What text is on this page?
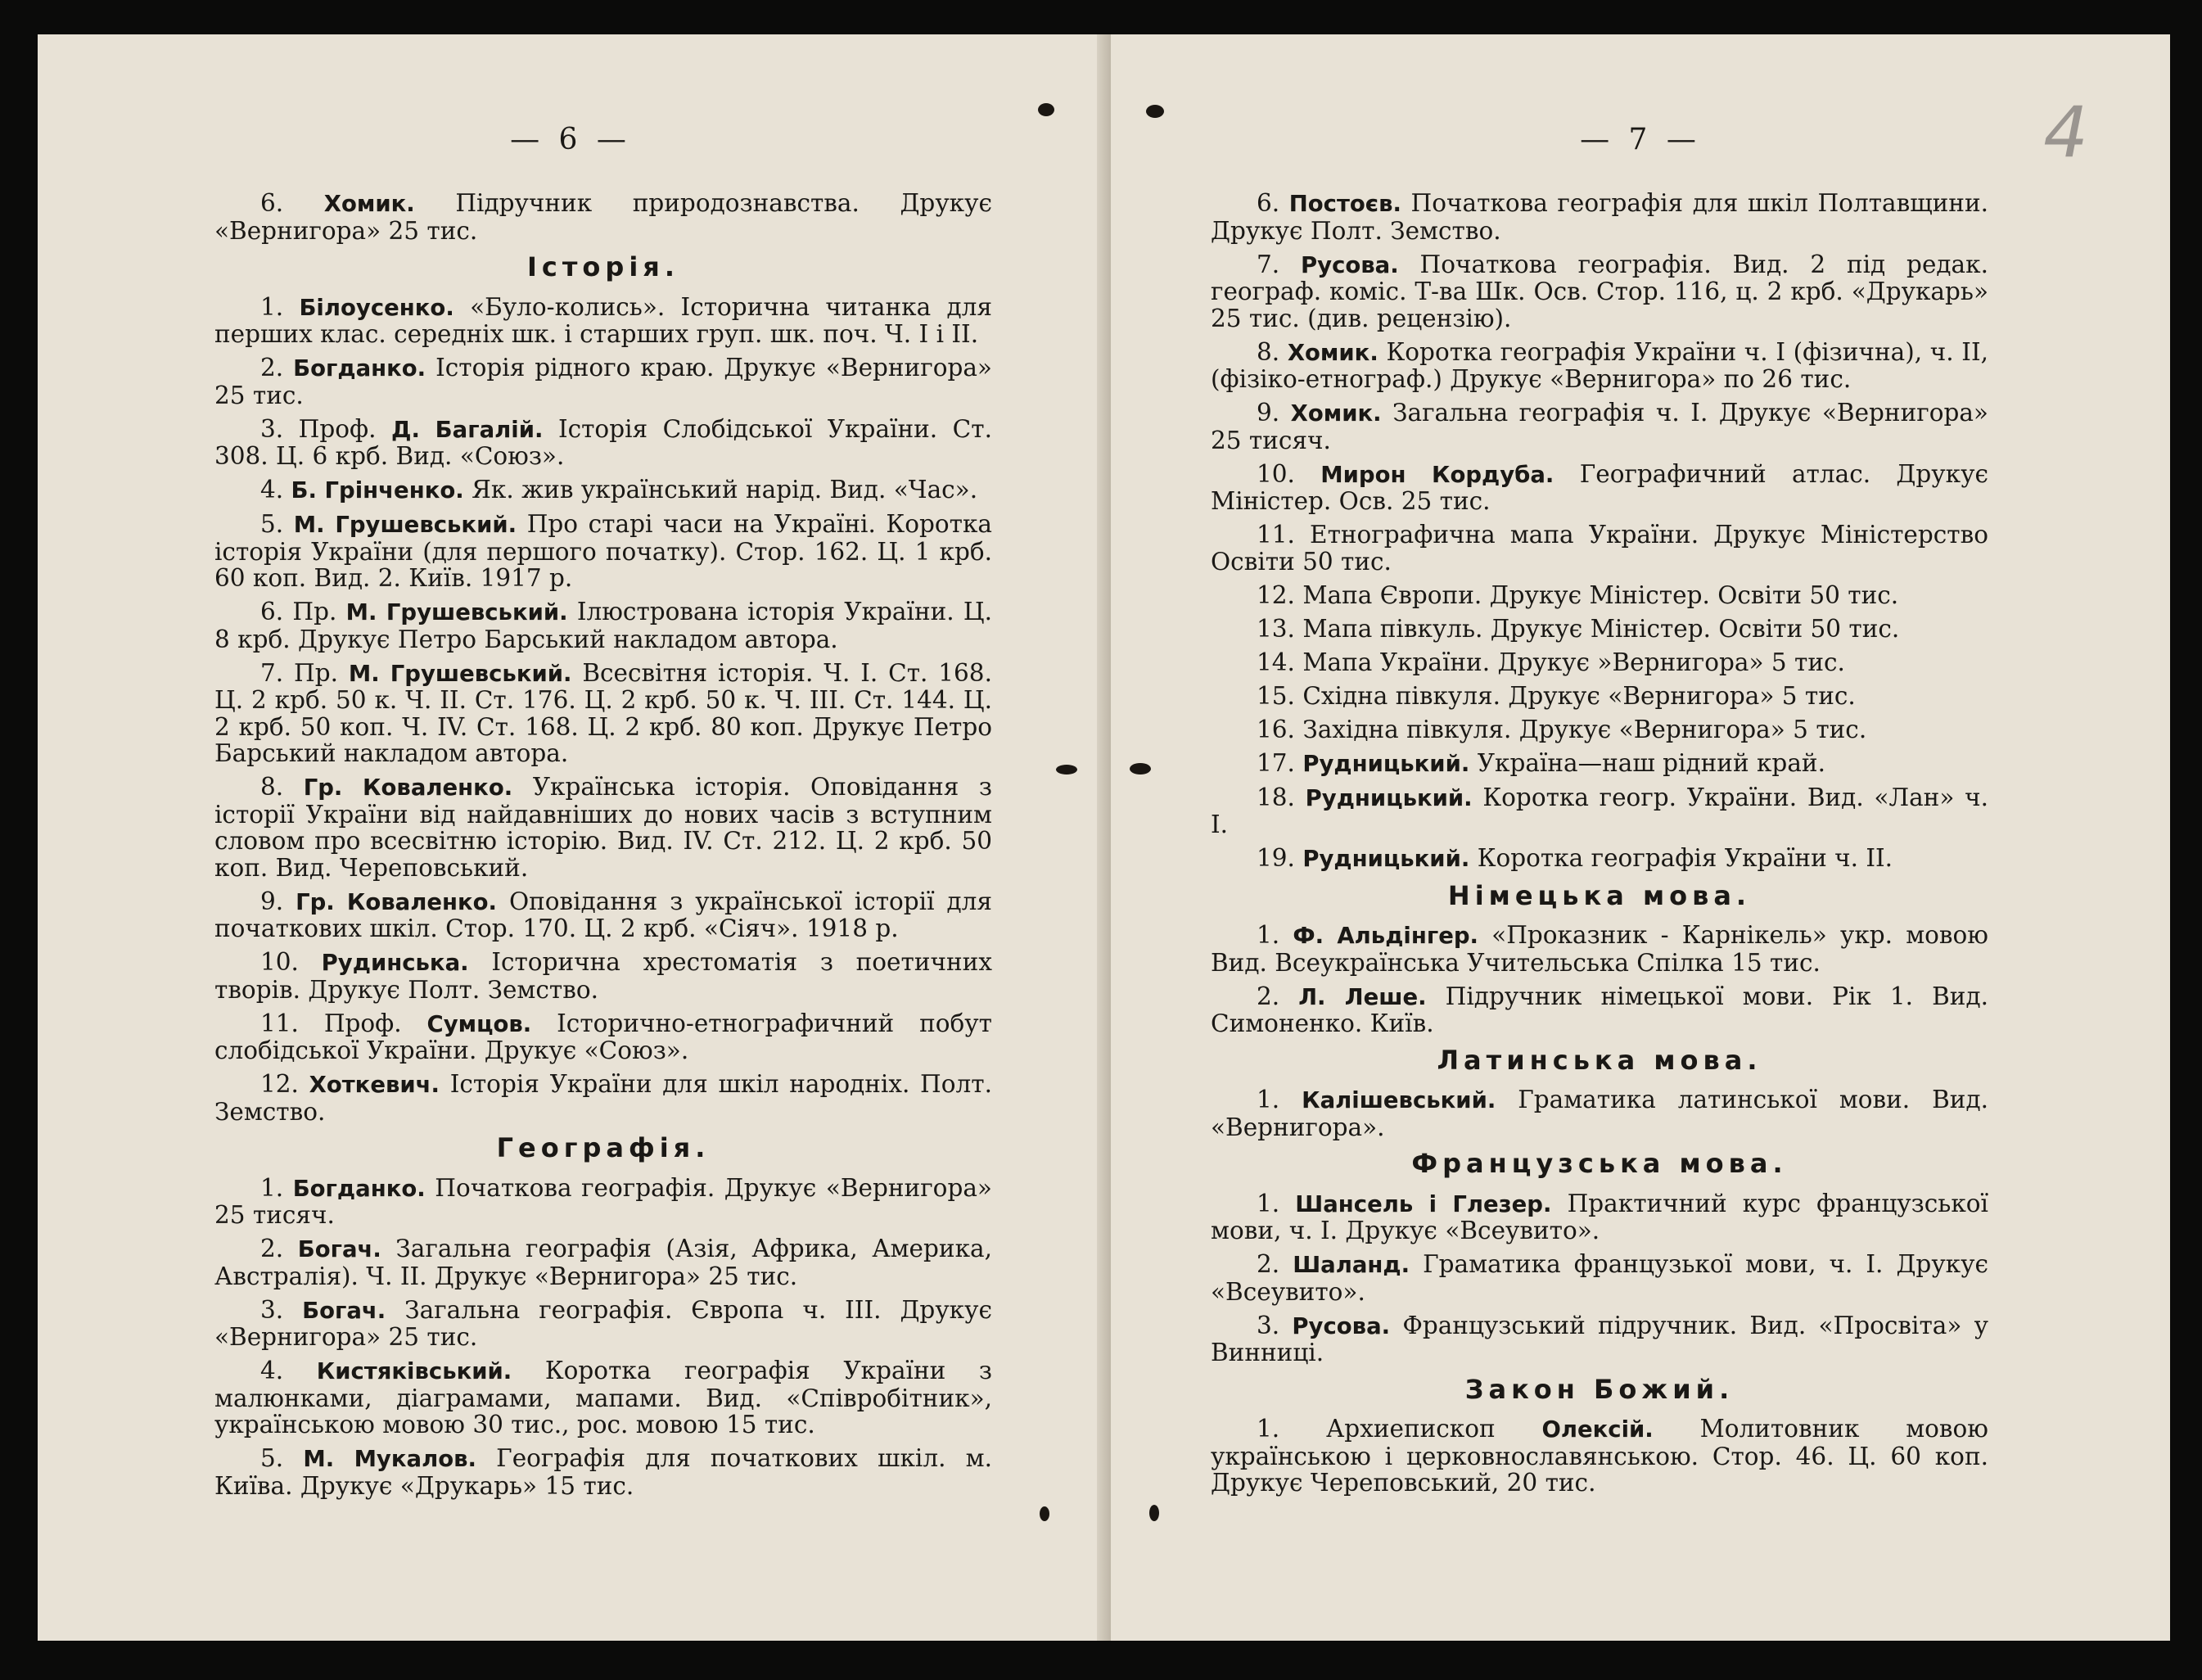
— 6 —
6. Хомик. Підручник природознавства. Друкує «Вернигора» 25 тис.
Історія.
1. Білоусенко. «Було-колись». Історична читанка для перших клас. середніх шк. і старших груп. шк. поч. Ч. I і II.
2. Богданко. Історія рідного краю. Друкує «Вернигора» 25 тис.
3. Проф. Д. Багалій. Історія Слобідської України. Ст. 308. Ц. 6 крб. Вид. «Союз».
4. Б. Грінченко. Як. жив український нарід. Вид. «Час».
5. М. Грушевський. Про старі часи на Україні. Коротка історія України (для першого початку). Стор. 162. Ц. 1 крб. 60 коп. Вид. 2. Київ. 1917 р.
6. Пр. М. Грушевський. Ілюстрована історія України. Ц. 8 крб. Друкує Петро Барський накладом автора.
7. Пр. М. Грушевський. Всесвітня історія. Ч. I. Ст. 168. Ц. 2 крб. 50 к. Ч. II. Ст. 176. Ц. 2 крб. 50 к. Ч. III. Ст. 144. Ц. 2 крб. 50 коп. Ч. IV. Ст. 168. Ц. 2 крб. 80 коп. Друкує Петро Барський накладом автора.
8. Гр. Коваленко. Українська історія. Оповідання з історії України від найдавніших до нових часів з вступним словом про всесвітню історію. Вид. IV. Ст. 212. Ц. 2 крб. 50 коп. Вид. Череповський.
9. Гр. Коваленко. Оповідання з української історії для початкових шкіл. Стор. 170. Ц. 2 крб. «Сіяч». 1918 р.
10. Рудинська. Історична хрестоматія з поетичних творів. Друкує Полт. Земство.
11. Проф. Сумцов. Історично-етнографичний побут слобідської України. Друкує «Союз».
12. Хоткевич. Історія України для шкіл народніх. Полт. Земство.
Географія.
1. Богданко. Початкова географія. Друкує «Вернигора» 25 тисяч.
2. Богач. Загальна географія (Азія, Африка, Америка, Австралія). Ч. II. Друкує «Вернигора» 25 тис.
3. Богач. Загальна географія. Європа ч. III. Друкує «Вернигора» 25 тис.
4. Кистяківський. Коротка географія України з малюнками, діаграмами, мапами. Вид. «Співробітник», українською мовою 30 тис., рос. мовою 15 тис.
5. М. Мукалов. Географія для початкових шкіл. м. Київа. Друкує «Друкарь» 15 тис.
— 7 —	4
6. Постоєв. Початкова географія для шкіл Полтавщини. Друкує Полт. Земство.
7. Русова. Початкова географія. Вид. 2 під редак. географ. коміс. Т-ва Шк. Осв. Стор. 116, ц. 2 крб. «Друкарь» 25 тис. (див. рецензію).
8. Хомик. Коротка географія України ч. I (фізична), ч. II, (фізіко-етнограф.) Друкує «Вернигора» по 26 тис.
9. Хомик. Загальна географія ч. I. Друкує «Вернигора» 25 тисяч.
10. Мирон Кордуба. Географичний атлас. Друкує Міністер. Осв. 25 тис.
11. Етнографична мапа України. Друкує Міністерство Освіти 50 тис.
12. Мапа Європи. Друкує Міністер. Освіти 50 тис.
13. Мапа півкуль. Друкує Міністер. Освіти 50 тис.
14. Мапа України. Друкує »Вернигора» 5 тис.
15. Східна півкуля. Друкує «Вернигора» 5 тис.
16. Західна півкуля. Друкує «Вернигора» 5 тис.
17. Рудницький. Україна—наш рідний край.
18. Рудницький. Коротка геогр. України. Вид. «Лан» ч. I.
19. Рудницький. Коротка географія України ч. II.
Німецька мова.
1. Ф. Альдінгер. «Проказник - Карнікель» укр. мовою Вид. Всеукраїнська Учительська Спілка 15 тис.
2. Л. Леше. Підручник німецької мови. Рік 1. Вид. Симоненко. Київ.
Латинська мова.
1. Калішевський. Граматика латинської мови. Вид. «Вернигора».
Французська мова.
1. Шансель і Глезер. Практичний курс французської мови, ч. I. Друкує «Всеувито».
2. Шаланд. Граматика французької мови, ч. I. Друкує «Всеувито».
3. Русова. Французський підручник. Вид. «Просвіта» у Винниці.
Закон Божий.
1. Архиепископ Олексій. Молитовник мовою українською і церковнославянською. Стор. 46. Ц. 60 коп. Друкує Череповський, 20 тис.
